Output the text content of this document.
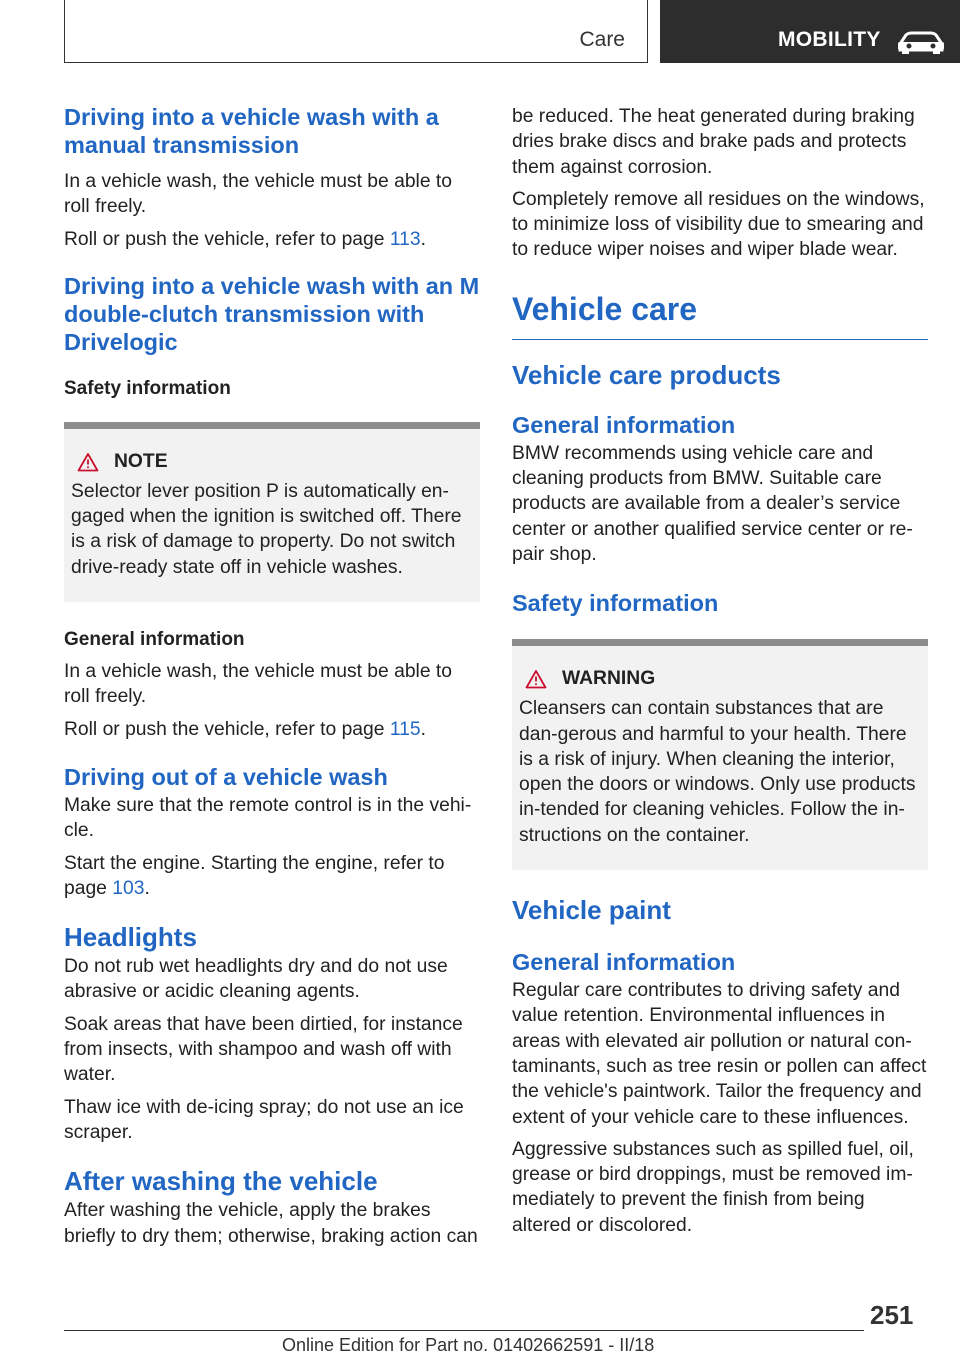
Care	MOBILITY
Driving into a vehicle wash with a manual transmission

In a vehicle wash, the vehicle must be able to roll freely.

Roll or push the vehicle, refer to page 113.

Driving into a vehicle wash with an M double-clutch transmission with Drivelogic
Safety information
NOTE

Selector lever position P is automatically en-gaged when the ignition is switched off. There is a risk of damage to property. Do not switch drive-ready state off in vehicle washes.

General information

In a vehicle wash, the vehicle must be able to roll freely.

Roll or push the vehicle, refer to page 115.

Driving out of a vehicle wash

Make sure that the remote control is in the vehi-cle.

Start the engine. Starting the engine, refer to page 103.

Headlights

Do not rub wet headlights dry and do not use abrasive or acidic cleaning agents.

Soak areas that have been dirtied, for instance from insects, with shampoo and wash off with water.

Thaw ice with de-icing spray; do not use an ice scraper.

After washing the vehicle

After washing the vehicle, apply the brakes briefly to dry them; otherwise, braking action can

be reduced. The heat generated during braking dries brake discs and brake pads and protects them against corrosion.

Completely remove all residues on the windows, to minimize loss of visibility due to smearing and to reduce wiper noises and wiper blade wear.

Vehicle care
Vehicle care products
General information

BMW recommends using vehicle care and cleaning products from BMW. Suitable care products are available from a dealer’s service center or another qualified service center or re-pair shop.

Safety information
WARNING

Cleansers can contain substances that are dan-gerous and harmful to your health. There is a risk of injury. When cleaning the interior, open the doors or windows. Only use products in-tended for cleaning vehicles. Follow the in-structions on the container.

Vehicle paint
General information

Regular care contributes to driving safety and value retention. Environmental influences in areas with elevated air pollution or natural con-taminants, such as tree resin or pollen can affect the vehicle's paintwork. Tailor the frequency and extent of your vehicle care to these influences.

Aggressive substances such as spilled fuel, oil, grease or bird droppings, must be removed im-mediately to prevent the finish from being altered or discolored.

251
Online Edition for Part no. 01402662591 - II/18
